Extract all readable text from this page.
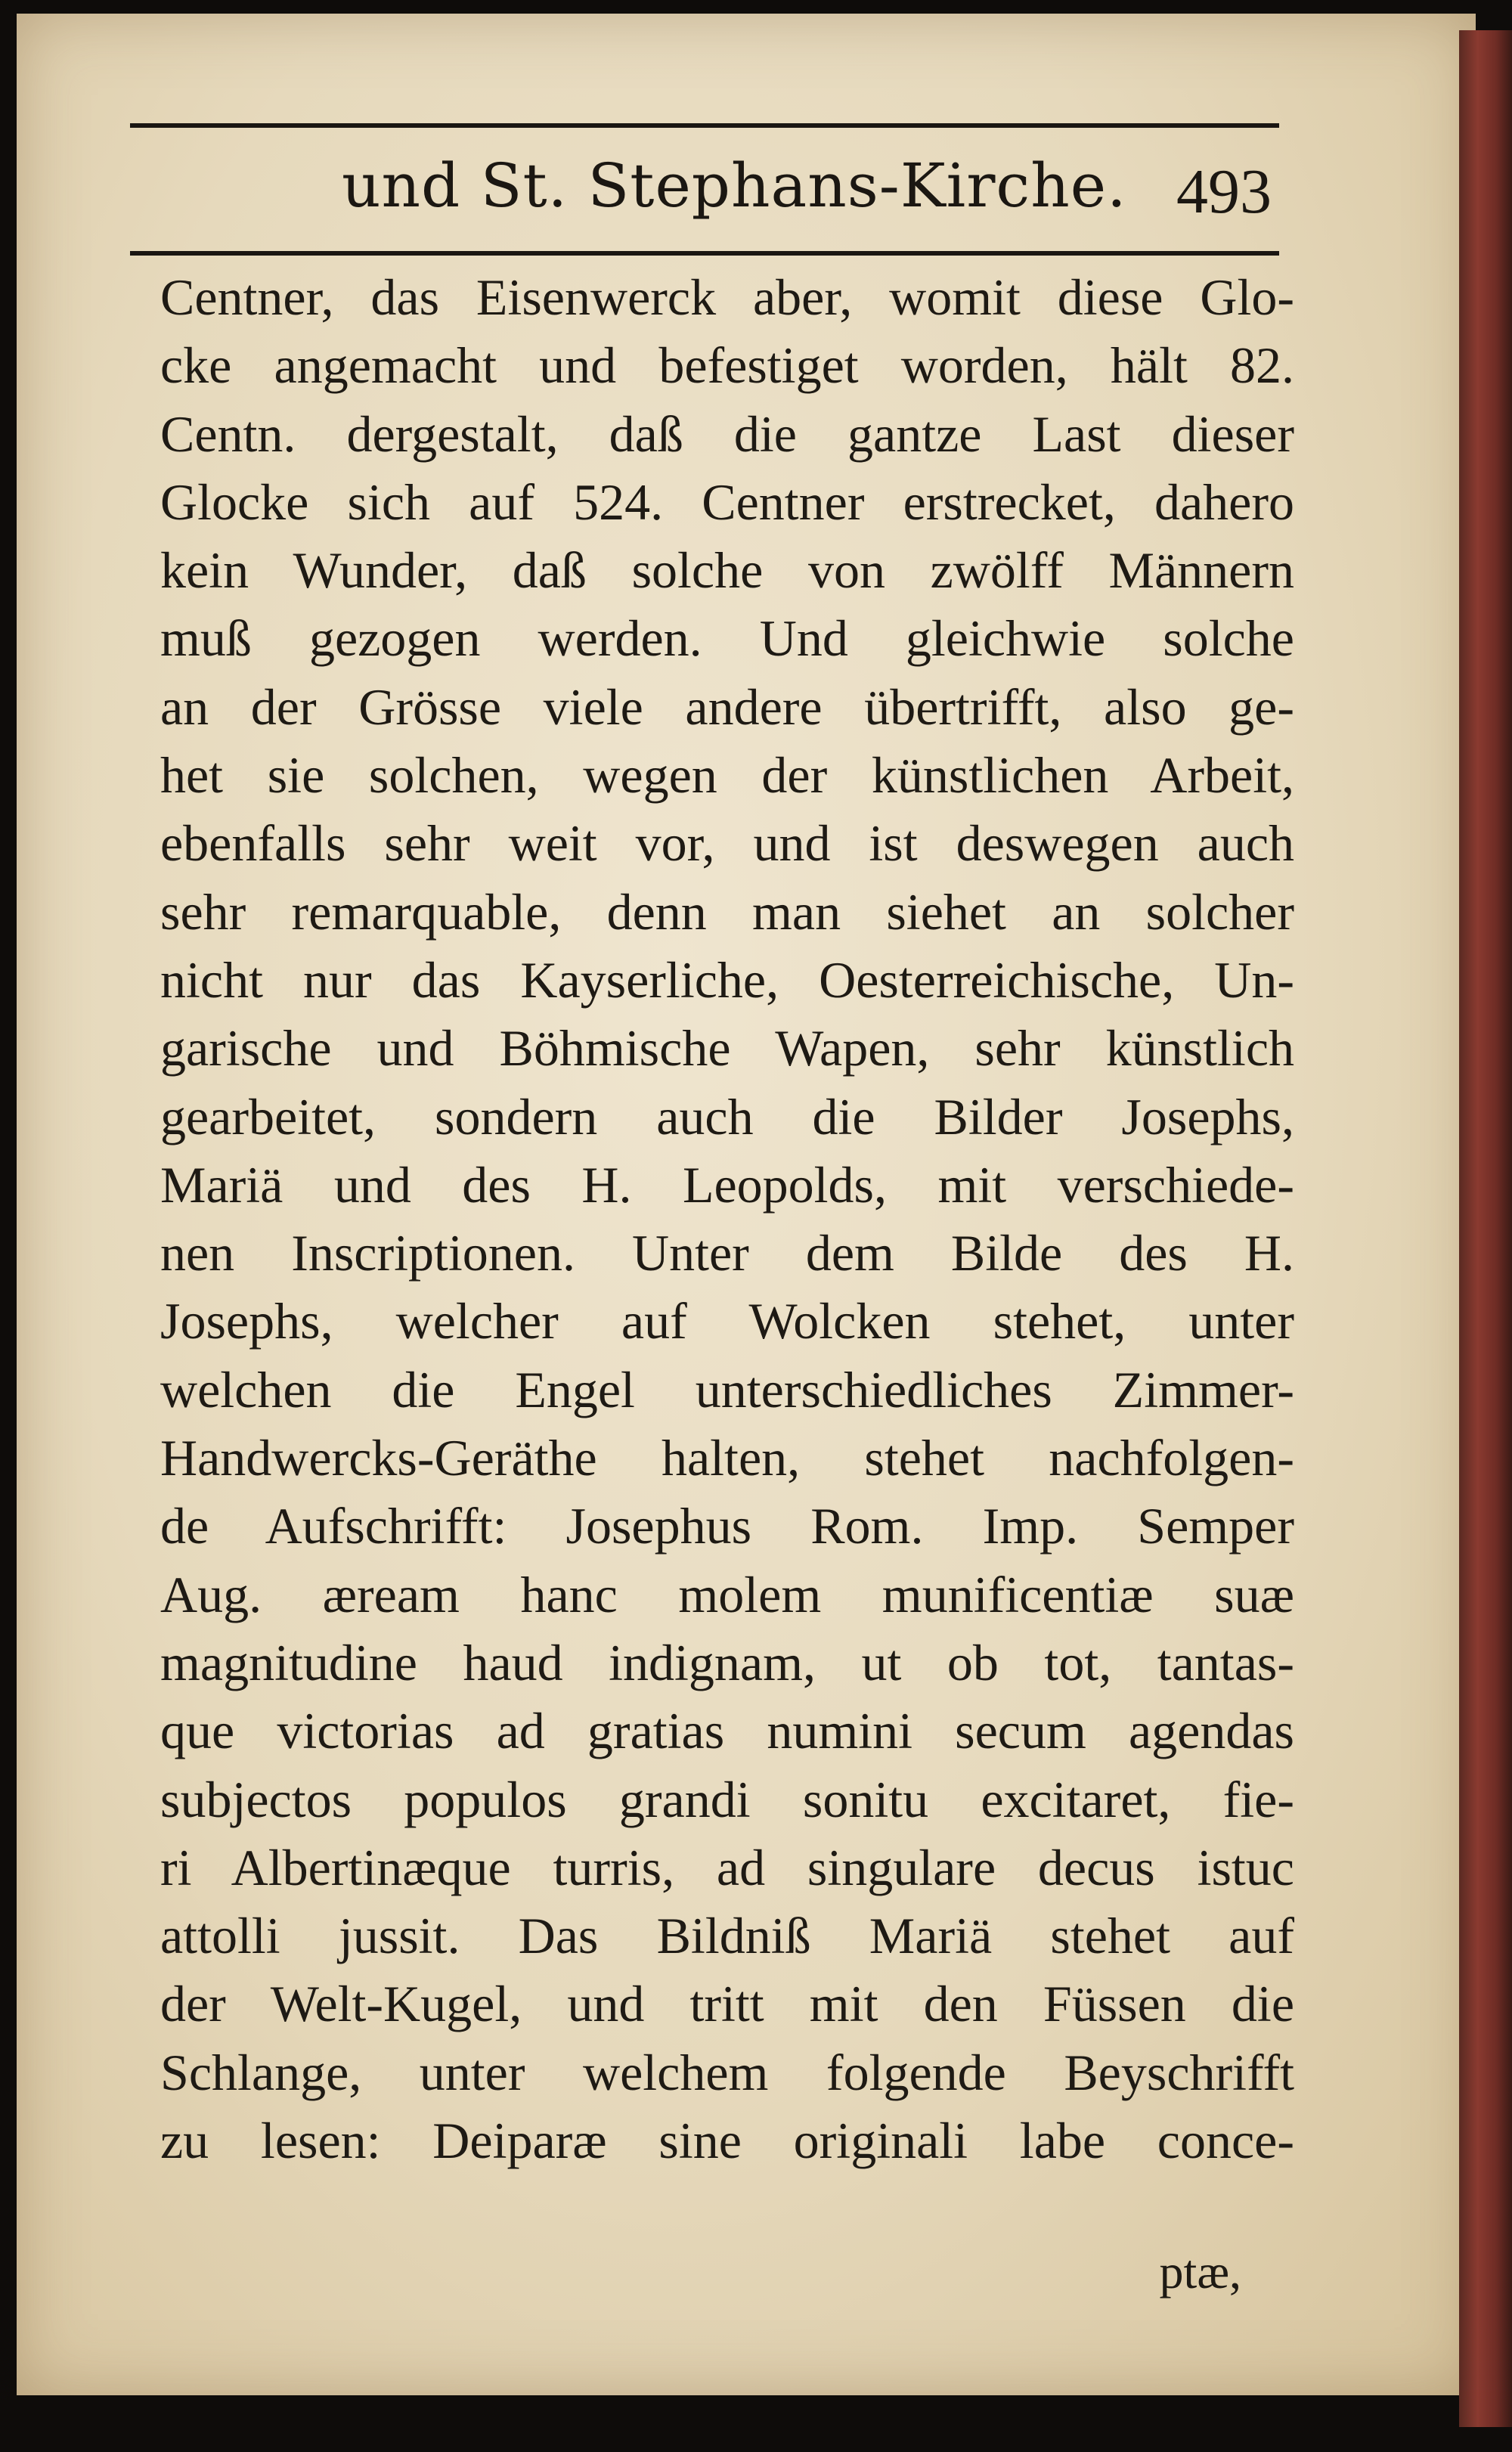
und St. Stephans-Kirche. 493
Centner, das Eisenwerck aber, womit diese Glo-
cke angemacht und befestiget worden, hält 82.
Centn. dergestalt, daß die gantze Last dieser
Glocke sich auf 524. Centner erstrecket, dahero
kein Wunder, daß solche von zwölff Männern
muß gezogen werden. Und gleichwie solche
an der Grösse viele andere übertrifft, also ge-
het sie solchen, wegen der künstlichen Arbeit,
ebenfalls sehr weit vor, und ist deswegen auch
sehr remarquable, denn man siehet an solcher
nicht nur das Kayserliche, Oesterreichische, Un-
garische und Böhmische Wapen, sehr künstlich
gearbeitet, sondern auch die Bilder Josephs,
Mariä und des H. Leopolds, mit verschiede-
nen Inscriptionen. Unter dem Bilde des H.
Josephs, welcher auf Wolcken stehet, unter
welchen die Engel unterschiedliches Zimmer-
Handwercks-Geräthe halten, stehet nachfolgen-
de Aufschrifft: Josephus Rom. Imp. Semper
Aug. æream hanc molem munificentiæ suæ
magnitudine haud indignam, ut ob tot, tantas-
que victorias ad gratias numini secum agendas
subjectos populos grandi sonitu excitaret, fie-
ri Albertinæque turris, ad singulare decus istuc
attolli jussit. Das Bildniß Mariä stehet auf
der Welt-Kugel, und tritt mit den Füssen die
Schlange, unter welchem folgende Beyschrifft
zu lesen: Deiparæ sine originali labe conce-
ptæ,
